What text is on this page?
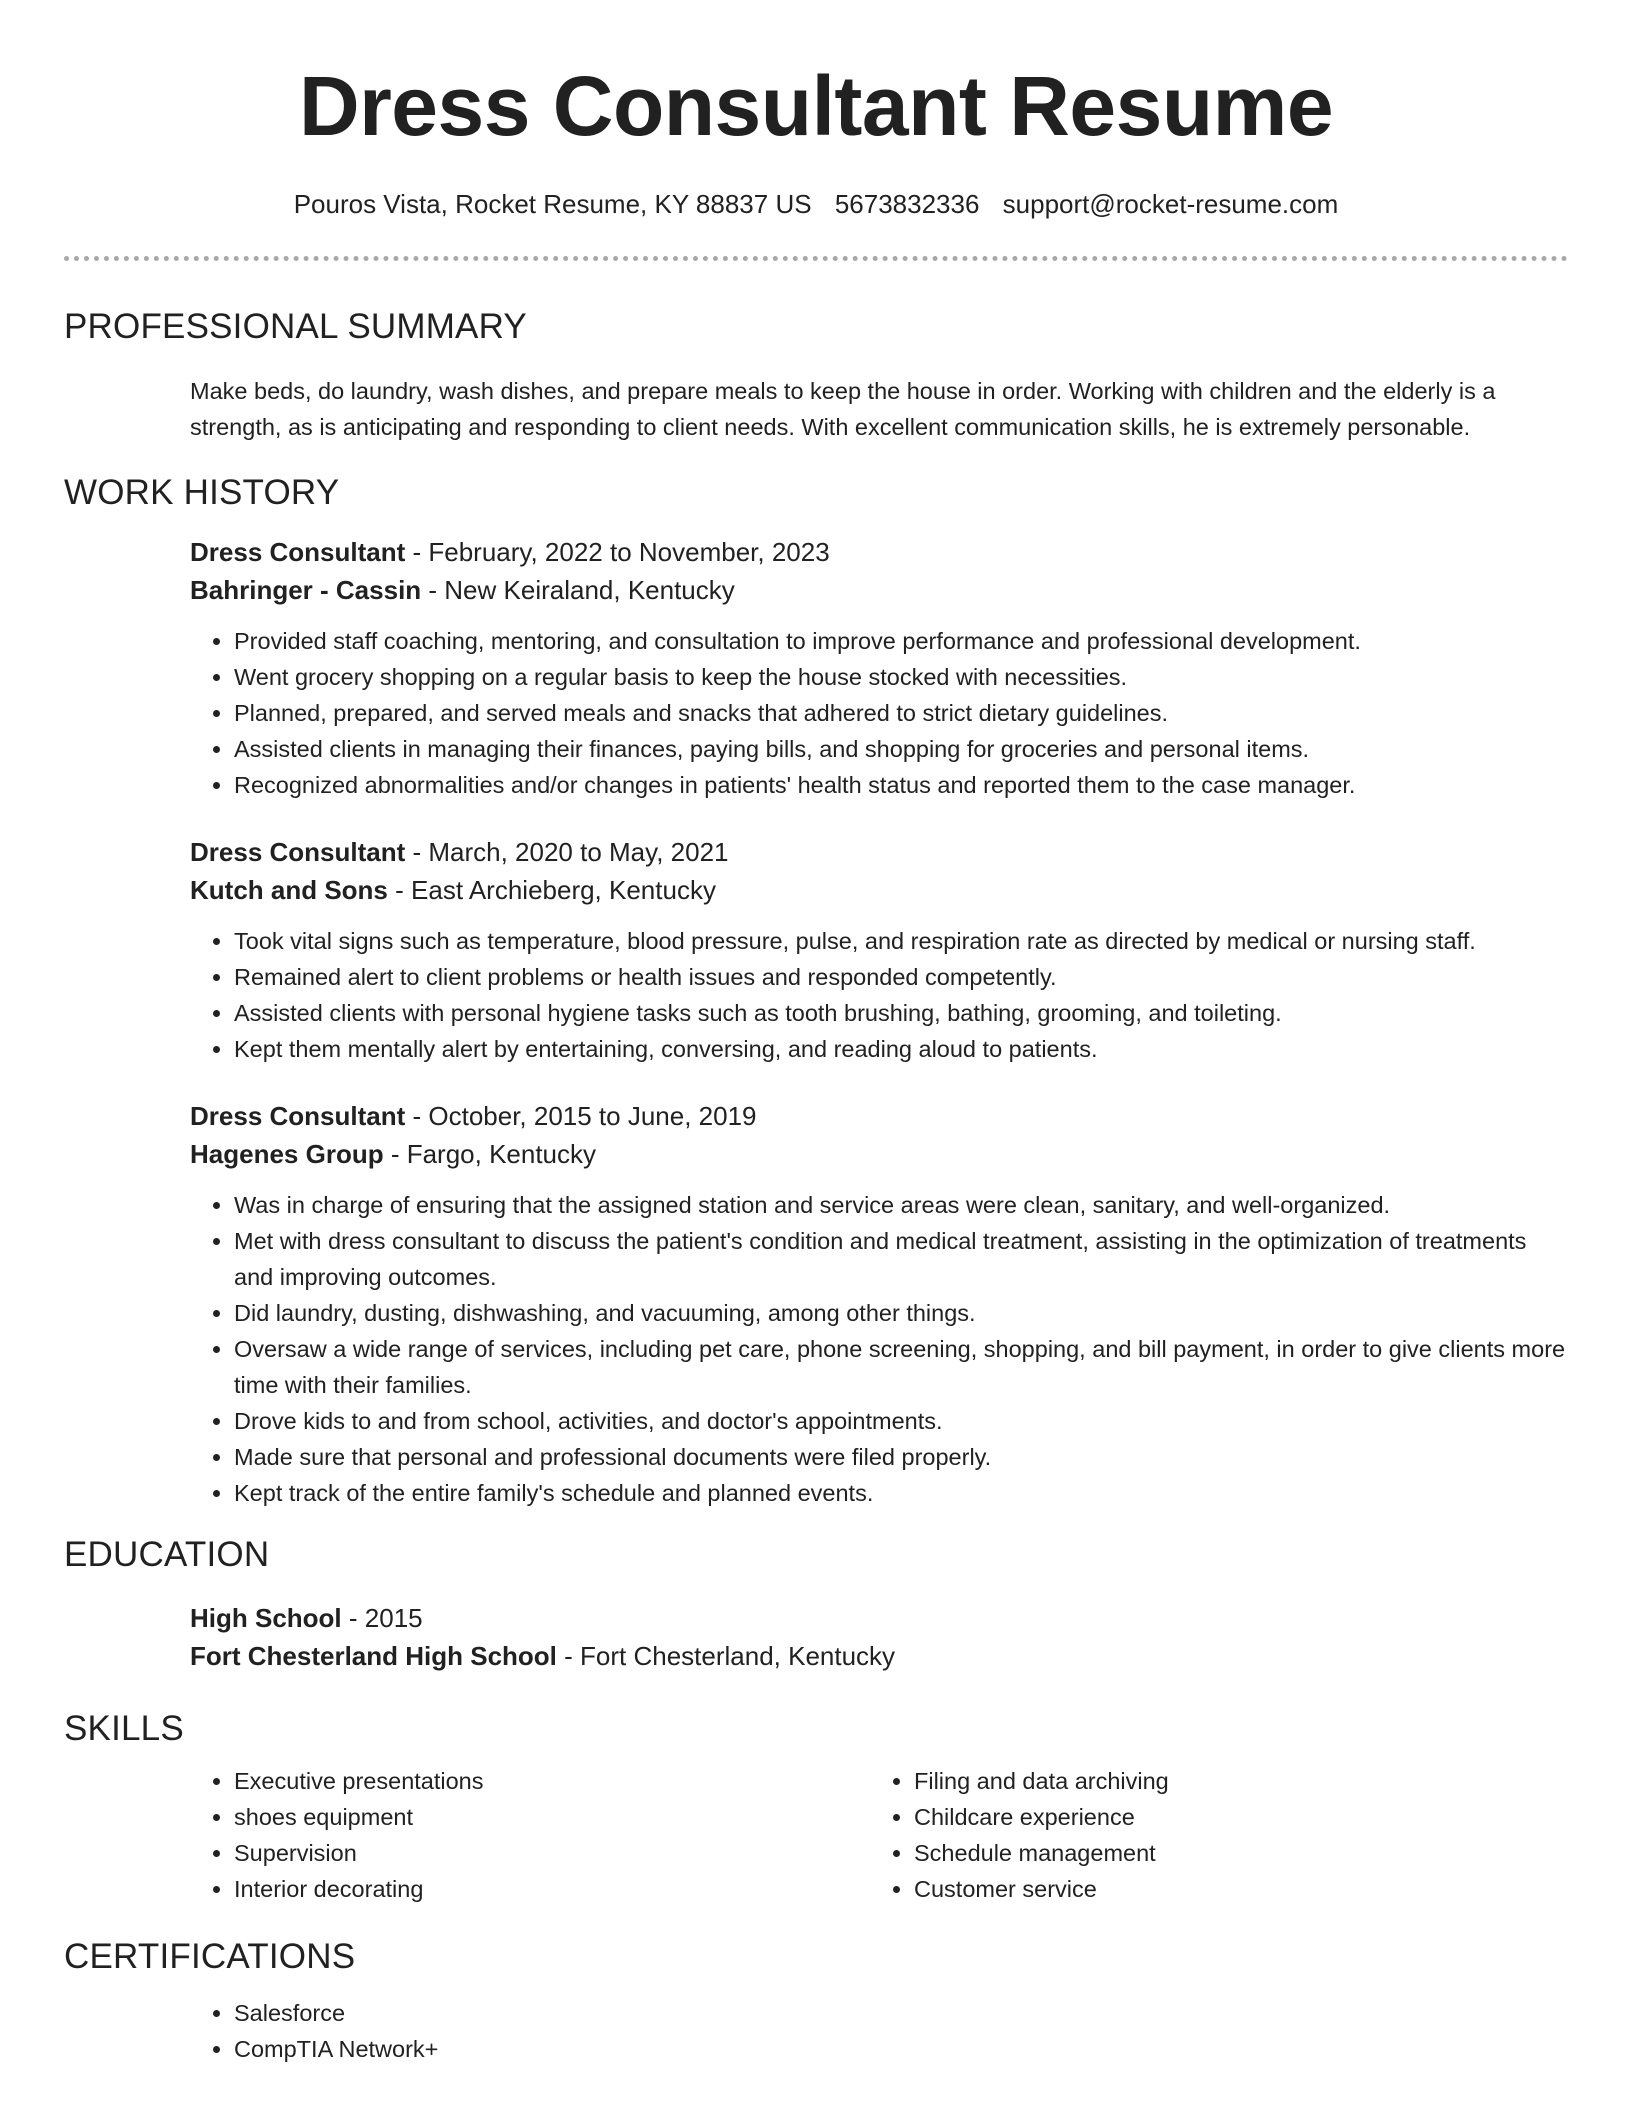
Dress Consultant Resume
Pouros Vista, Rocket Resume, KY 88837 US 5673832336 support@rocket-resume.com
PROFESSIONAL SUMMARY

Make beds, do laundry, wash dishes, and prepare meals to keep the house in order. Working with children and the elderly is a strength, as is anticipating and responding to client needs. With excellent communication skills, he is extremely personable.

WORK HISTORY
Dress Consultant - February, 2022 to November, 2023
Bahringer - Cassin - New Keiraland, Kentucky
• Provided staff coaching, mentoring, and consultation to improve performance and professional development.
• Went grocery shopping on a regular basis to keep the house stocked with necessities.
• Planned, prepared, and served meals and snacks that adhered to strict dietary guidelines.
• Assisted clients in managing their finances, paying bills, and shopping for groceries and personal items.
• Recognized abnormalities and/or changes in patients' health status and reported them to the case manager.
Dress Consultant - March, 2020 to May, 2021
Kutch and Sons - East Archieberg, Kentucky
• Took vital signs such as temperature, blood pressure, pulse, and respiration rate as directed by medical or nursing staff.
• Remained alert to client problems or health issues and responded competently.
• Assisted clients with personal hygiene tasks such as tooth brushing, bathing, grooming, and toileting.
• Kept them mentally alert by entertaining, conversing, and reading aloud to patients.
Dress Consultant - October, 2015 to June, 2019
Hagenes Group - Fargo, Kentucky
• Was in charge of ensuring that the assigned station and service areas were clean, sanitary, and well-organized.
• Met with dress consultant to discuss the patient's condition and medical treatment, assisting in the optimization of treatments and improving outcomes.
• Did laundry, dusting, dishwashing, and vacuuming, among other things.
• Oversaw a wide range of services, including pet care, phone screening, shopping, and bill payment, in order to give clients more time with their families.
• Drove kids to and from school, activities, and doctor's appointments.
• Made sure that personal and professional documents were filed properly.
• Kept track of the entire family's schedule and planned events.
EDUCATION
High School - 2015
Fort Chesterland High School - Fort Chesterland, Kentucky
SKILLS
• Executive presentations
• shoes equipment
• Supervision
• Interior decorating
• Filing and data archiving
• Childcare experience
• Schedule management
• Customer service
CERTIFICATIONS
• Salesforce
• CompTIA Network+
